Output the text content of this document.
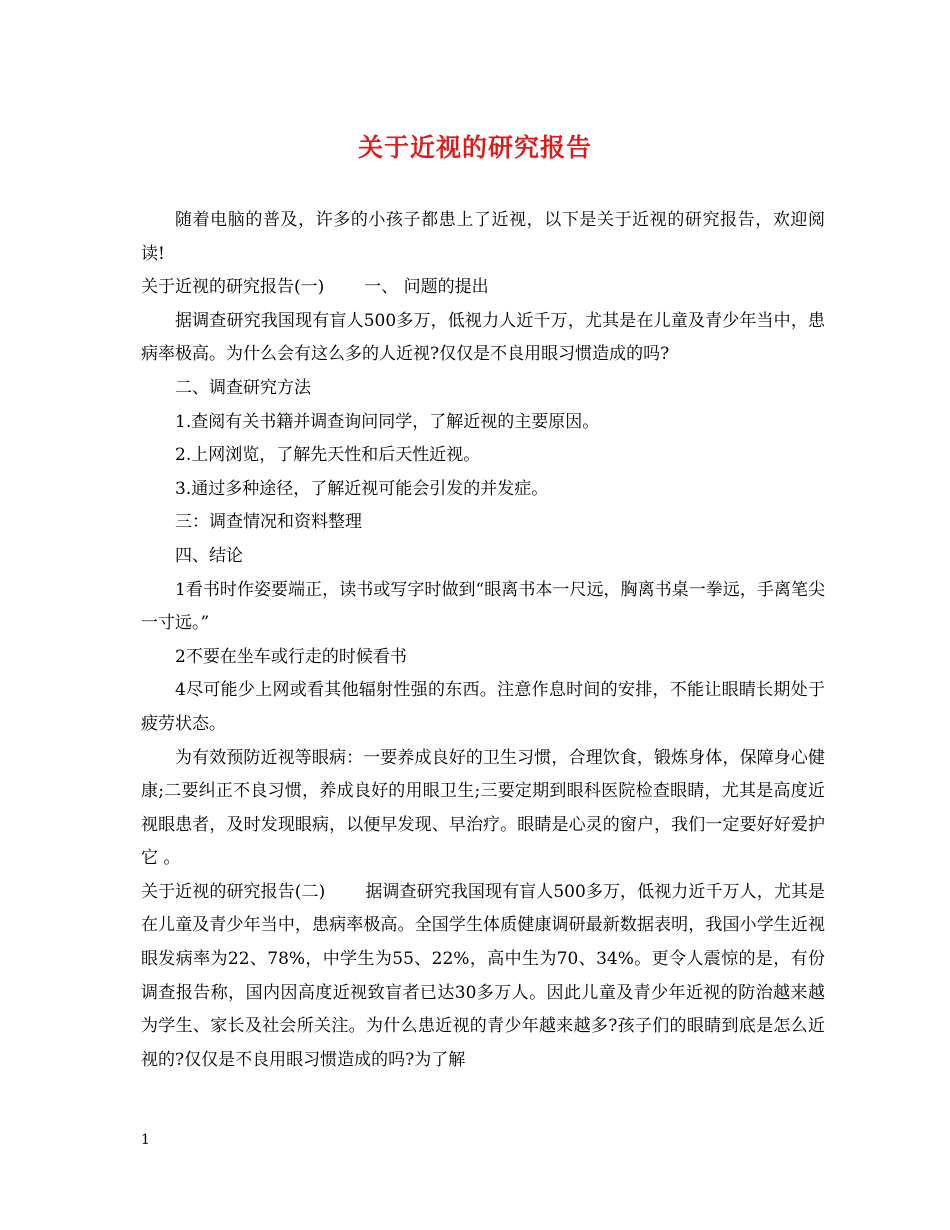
关于近视的研究报告

随着电脑的普及，许多的小孩子都患上了近视，以下是关于近视的研究报告，欢迎阅读!

关于近视的研究报告(一) 一、 问题的提出

据调查研究我国现有盲人500多万，低视力人近千万，尤其是在儿童及青少年当中，患病率极高。为什么会有这么多的人近视?仅仅是不良用眼习惯造成的吗?

二、调查研究方法

1.查阅有关书籍并调查询问同学，了解近视的主要原因。

2.上网浏览，了解先天性和后天性近视。

3.通过多种途径，了解近视可能会引发的并发症。

三：调查情况和资料整理

四、结论

1看书时作姿要端正，读书或写字时做到“眼离书本一尺远，胸离书桌一拳远，手离笔尖一寸远。”

2不要在坐车或行走的时候看书

4尽可能少上网或看其他辐射性强的东西。注意作息时间的安排，不能让眼睛长期处于疲劳状态。

为有效预防近视等眼病：一要养成良好的卫生习惯，合理饮食，锻炼身体，保障身心健康;二要纠正不良习惯，养成良好的用眼卫生;三要定期到眼科医院检查眼睛，尤其是高度近视眼患者，及时发现眼病，以便早发现、早治疗。眼睛是心灵的窗户，我们一定要好好爱护它 。

关于近视的研究报告(二) 据调查研究我国现有盲人500多万，低视力近千万人，尤其是在儿童及青少年当中，患病率极高。全国学生体质健康调研最新数据表明，我国小学生近视眼发病率为22、78%，中学生为55、22%，高中生为70、34%。更令人震惊的是，有份调查报告称，国内因高度近视致盲者已达30多万人。因此儿童及青少年近视的防治越来越为学生、家长及社会所关注。为什么患近视的青少年越来越多?孩子们的眼睛到底是怎么近视的?仅仅是不良用眼习惯造成的吗?为了解

1
